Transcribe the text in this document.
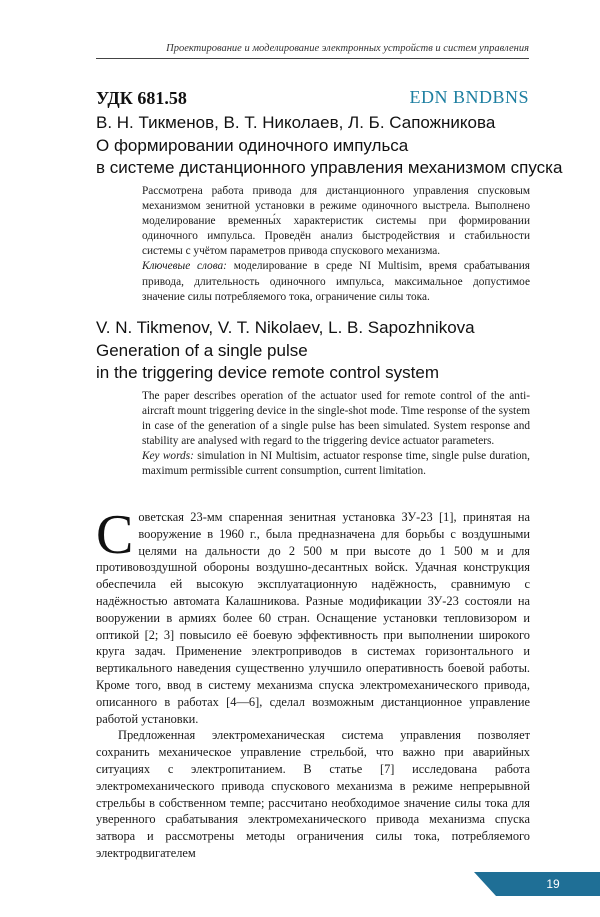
Проектирование и моделирование электронных устройств и систем управления
УДК 681.58	EDN BNDBNS
В. Н. Тикменов, В. Т. Николаев, Л. Б. Сапожникова
О формировании одиночного импульса
в системе дистанционного управления механизмом спуска

Рассмотрена работа привода для дистанционного управления спусковым механизмом зенитной установки в режиме одиночного выстрела. Выполнено моделирование временны́х характеристик системы при формировании одиночного импульса. Проведён анализ быстродействия и стабильности системы с учётом параметров привода спускового механизма.

Ключевые слова: моделирование в среде NI Multisim, время срабатывания привода, длительность одиночного импульса, максимальное допустимое значение силы потребляемого тока, ограничение силы тока.

V. N. Tikmenov, V. T. Nikolaev, L. B. Sapozhnikova
Generation of a single pulse
in the triggering device remote control system

The paper describes operation of the actuator used for remote control of the anti-aircraft mount triggering device in the single-shot mode. Time response of the system in case of the generation of a single pulse has been simulated. System response and stability are analysed with regard to the triggering device actuator parameters.

Key words: simulation in NI Multisim, actuator response time, single pulse duration, maximum permissible current consumption, current limitation.

Советская 23-мм спаренная зенитная установка ЗУ-23 [1], принятая на вооружение в 1960 г., была предназначена для борьбы с воздушными целями на дальности до 2 500 м при высоте до 1 500 м и для противовоздушной обороны воздушно-десантных войск. Удачная конструкция обеспечила ей высокую эксплуатационную надёжность, сравнимую с надёжностью автомата Калашникова. Разные модификации ЗУ-23 состояли на вооружении в армиях более 60 стран. Оснащение установки тепловизором и оптикой [2; 3] повысило её боевую эффективность при выполнении широкого круга задач. Применение электроприводов в системах горизонтального и вертикального наведения существенно улучшило оперативность боевой работы. Кроме того, ввод в систему механизма спуска электромеханического привода, описанного в работах [4—6], сделал возможным дистанционное управление работой установки.

Предложенная электромеханическая система управления позволяет сохранить механическое управление стрельбой, что важно при аварийных ситуациях с электропитанием. В статье [7] исследована работа электромеханического привода спускового механизма в режиме непрерывной стрельбы в собственном темпе; рассчитано необходимое значение силы тока для уверенного срабатывания электромеханического привода механизма спуска затвора и рассмотрены методы ограничения силы тока, потребляемого электродвигателем

19
